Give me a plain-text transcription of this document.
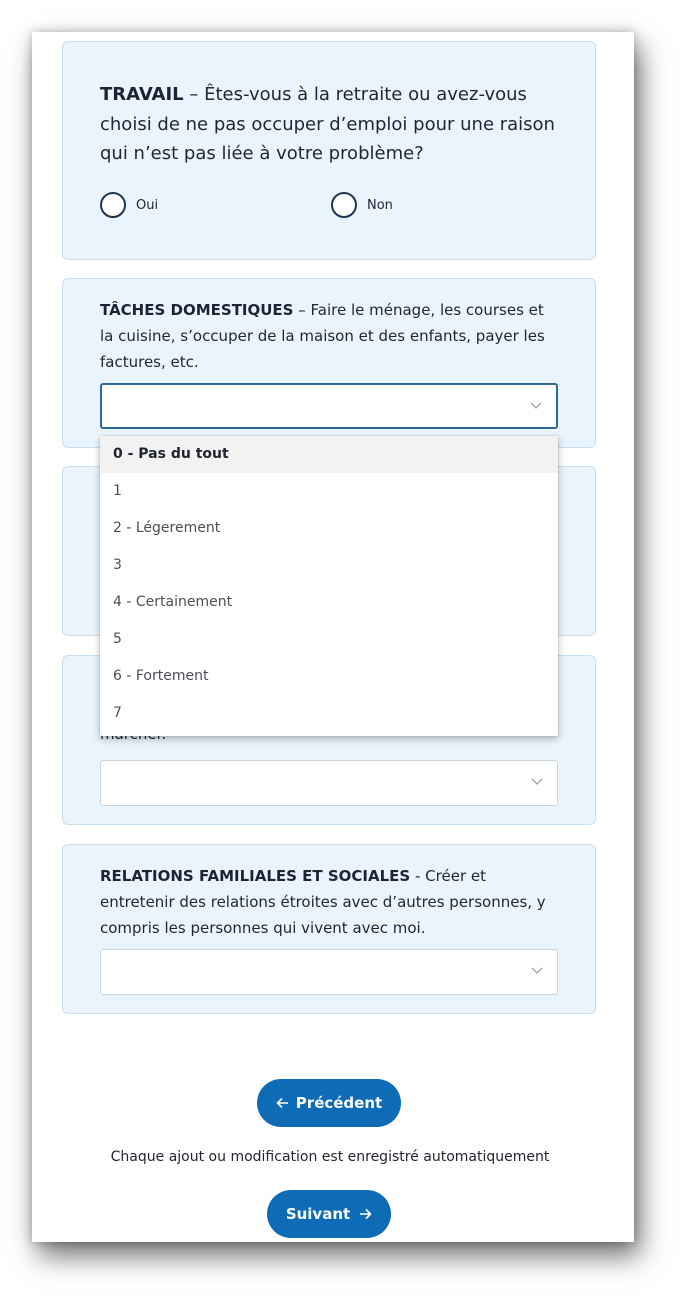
TRAVAIL – Êtes-vous à la retraite ou avez-vous choisi de ne pas occuper d’emploi pour une raison qui n’est pas liée à votre problème?
Oui	Non
TÂCHES DOMESTIQUES – Faire le ménage, les courses et la cuisine, s’occuper de la maison et des enfants, payer les factures, etc.
RELATIONS FAMILIALES ET SOCIALES - Créer et entretenir des relations étroites avec d’autres personnes, y compris les personnes qui vivent avec moi.
0 - Pas du tout
1
2 - Légerement
3
4 - Certainement
5
6 - Fortement
7
Précédent
Chaque ajout ou modification est enregistré automatiquement
Suivant
